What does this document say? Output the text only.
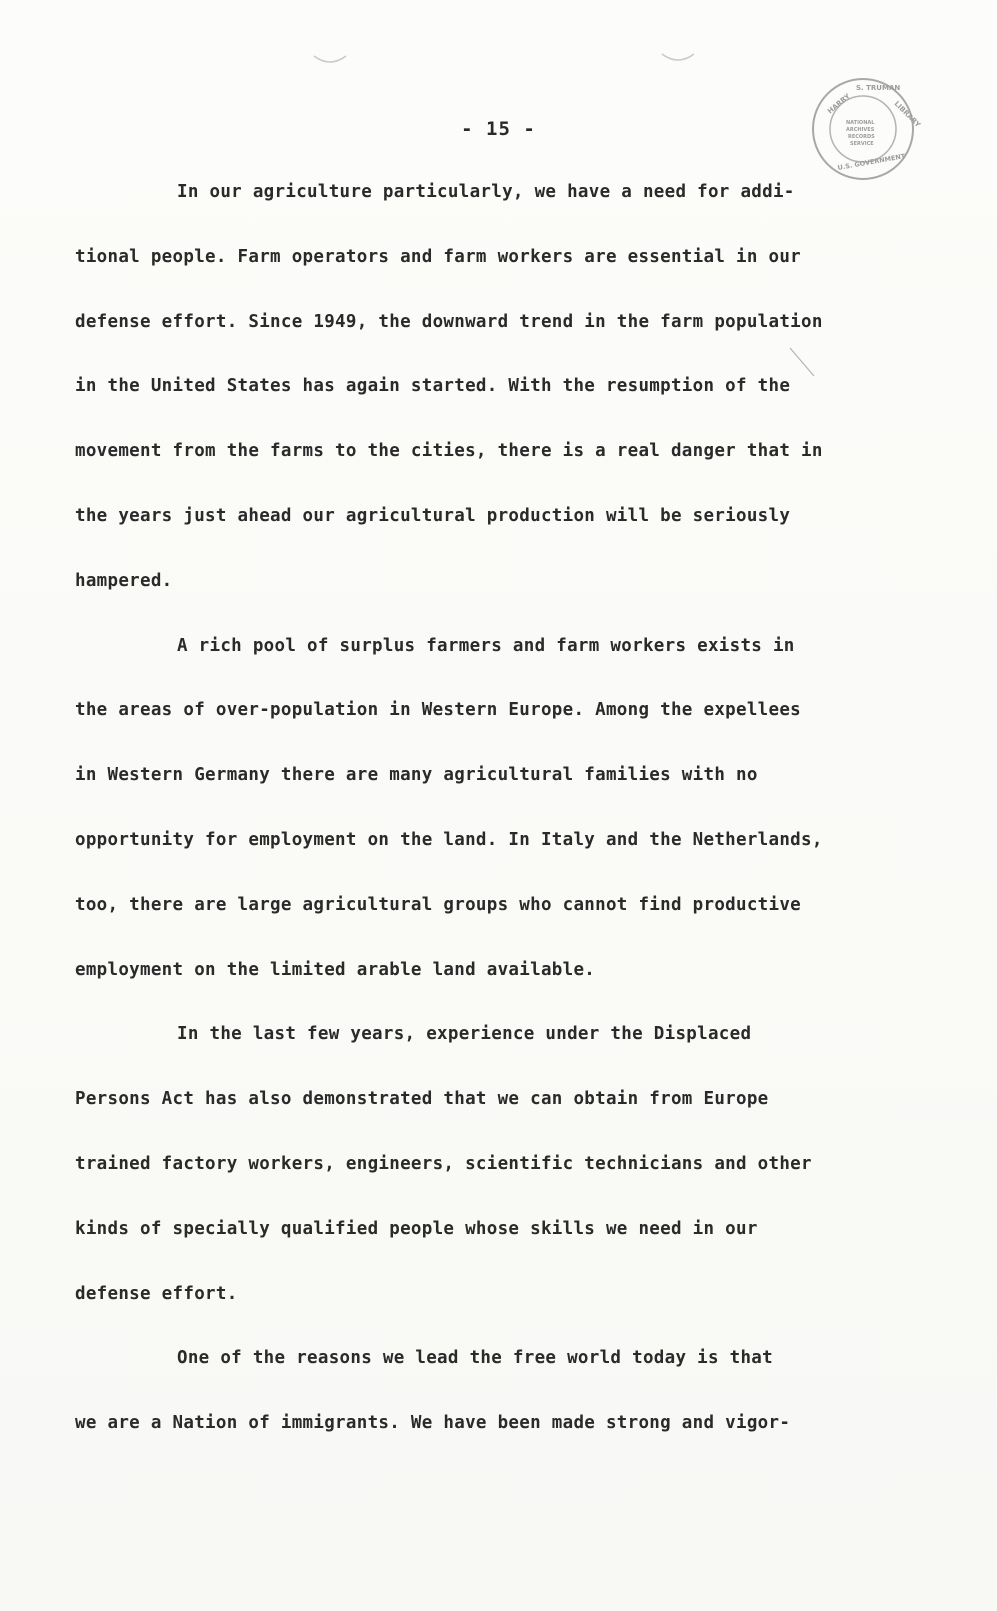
HARRY
S. TRUMAN
LIBRARY
NATIONAL
ARCHIVES
RECORDS
SERVICE
U.S. GOVERNMENT
- 15 -
In our agriculture particularly, we have a need for addi-
tional people. Farm operators and farm workers are essential in our
defense effort. Since 1949, the downward trend in the farm population
in the United States has again started. With the resumption of the
movement from the farms to the cities, there is a real danger that in
the years just ahead our agricultural production will be seriously
hampered.
A rich pool of surplus farmers and farm workers exists in
the areas of over-population in Western Europe. Among the expellees
in Western Germany there are many agricultural families with no
opportunity for employment on the land. In Italy and the Netherlands,
too, there are large agricultural groups who cannot find productive
employment on the limited arable land available.
In the last few years, experience under the Displaced
Persons Act has also demonstrated that we can obtain from Europe
trained factory workers, engineers, scientific technicians and other
kinds of specially qualified people whose skills we need in our
defense effort.
One of the reasons we lead the free world today is that
we are a Nation of immigrants. We have been made strong and vigor-
